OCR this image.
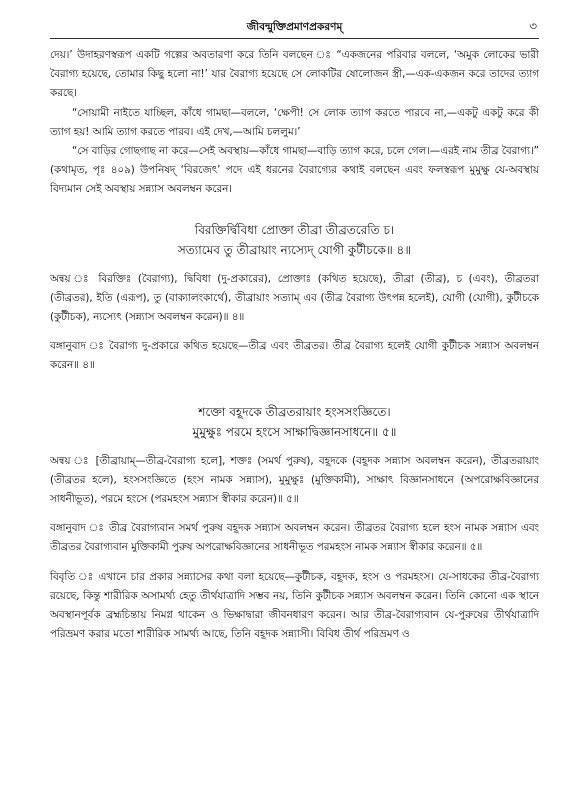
জীবন্মুক্তিপ্রমাণপ্রকরণম্	৩

দেয়।’ উদাহরণস্বরূপ একটি গল্পের অবতারণা করে তিনি বলছেন ঃ “একজনের পরিবার বললে, ‘অমুক লোকের ভারী বৈরাগ্য হয়েছে, তোমার কিছু হলো না!’ যার বৈরাগ্য হয়েছে সে লোকটির ষোলোজন স্ত্রী,—এক-একজন করে তাদের ত্যাগ করছে।

“সোয়ামী নাইতে যাচ্ছিল, কাঁধে গামছা—বললে, ‘ক্ষেপী! সে লোক ত্যাগ করতে পারবে না,—একটু একটু করে কী ত্যাগ হয়! আমি ত্যাগ করতে পারব। এই দেখ,—আমি চললুম।’

“সে বাড়ির গোছগাছ না করে—সেই অবস্থায়—কাঁধে গামছা—বাড়ি ত্যাগ করে, চলে গেল।—এরই নাম তীব্র বৈরাগ্য।” (কথামৃত, পৃঃ ৪০৯) উপনিষদ্ ‘বিরজেৎ’ পদে এই ধরনের বৈরাগ্যের কথাই বলছেন এবং ফলস্বরূপ মুমুক্ষু যে-অবস্থায় বিদ্যমান সেই অবস্থায় সন্ন্যাস অবলম্বন করেন।

বিরক্তির্দ্বিবিধা প্রোক্তা তীব্রা তীব্রতরেতি চ।
সত্যামেব তু তীব্রায়াং ন্যস্যেদ্ যোগী কুটীচকে॥ ৪॥

অন্বয় ঃ বিরক্তিঃ (বৈরাগ্য), দ্বিবিধা (দু-প্রকারের), প্রোক্তাঃ (কথিত হয়েছে), তীব্রা (তীব্র), চ (এবং), তীব্রতরা (তীব্রতর), ইতি (এরূপ), তু (বাক্যালংকার্থে), তীব্রায়াং সত্যাম্ এব (তীব্র বৈরাগ্য উৎপন্ন হলেই), যোগী (যোগী), কুটীচকে (কুটীচক), ন্যস্যেৎ (সন্ন্যাস অবলম্বন করেন)॥ ৪॥

বঙ্গানুবাদ ঃ বৈরাগ্য দু-প্রকারে কথিত হয়েছে—তীব্র এবং তীব্রতর। তীব্র বৈরাগ্য হলেই যোগী কুটীচক সন্ন্যাস অবলম্বন করেন॥ ৪॥

শক্তো বহূদকে তীব্রতরায়াং হংসসংজ্ঞিতে।
মুমুক্ষুঃ পরমে হংসে সাক্ষাদ্বিজ্ঞানসাধনে॥ ৫॥

অন্বয় ঃ [তীব্রায়াম্—তীব্র-বৈরাগ্য হলে], শক্তঃ (সমর্থ পুরুষ), বহূদকে (বহূদক সন্ন্যাস অবলম্বন করেন), তীব্রতরায়াং (তীব্রতর হলে), হংসসংজ্ঞিতে (হংস নামক সন্ন্যাস), মুমুক্ষুঃ (মুক্তিকামী), সাক্ষাৎ বিজ্ঞানসাধনে (অপরোক্ষবিজ্ঞানের সাধনীভূত), পরমে হংসে (পরমহংস সন্ন্যাস স্বীকার করেন)॥ ৫॥

বঙ্গানুবাদ ঃ তীব্র বৈরাগ্যবান সমর্থ পুরুষ বহূদক সন্ন্যাস অবলম্বন করেন। তীব্রতর বৈরাগ্য হলে হংস নামক সন্ন্যাস এবং তীব্রতর বৈরাগ্যবান মুক্তিকামী পুরুষ অপরোক্ষবিজ্ঞানের সাধনীভূত পরমহংস নামক সন্ন্যাস স্বীকার করেন॥ ৫॥

বিবৃতি ঃ এখানে চার প্রকার সন্ন্যাসের কথা বলা হয়েছে—কুটীচক, বহূদক, হংস ও পরমহংস। যে-সাধকের তীব্র-বৈরাগ্য রয়েছে, কিন্তু শারীরিক অসামর্থ্য হেতু তীর্থযাত্রাদি সম্ভব নয়, তিনি কুটীচক সন্ন্যাস অবলম্বন করেন। তিনি কোনো এক স্থানে অবস্থানপূর্বক ব্রহ্মচিন্তায় নিমগ্ন থাকেন ও ভিক্ষাদ্বারা জীবনধারণ করেন। আর তীব্র-বৈরাগ্যবান যে-পুরুষের তীর্থযাত্রাদি পরিভ্রমণ করার মতো শারীরিক সামর্থ্য আছে, তিনি বহূদক সন্ন্যাসী। বিবিধ তীর্থ পরিভ্রমণ ও
